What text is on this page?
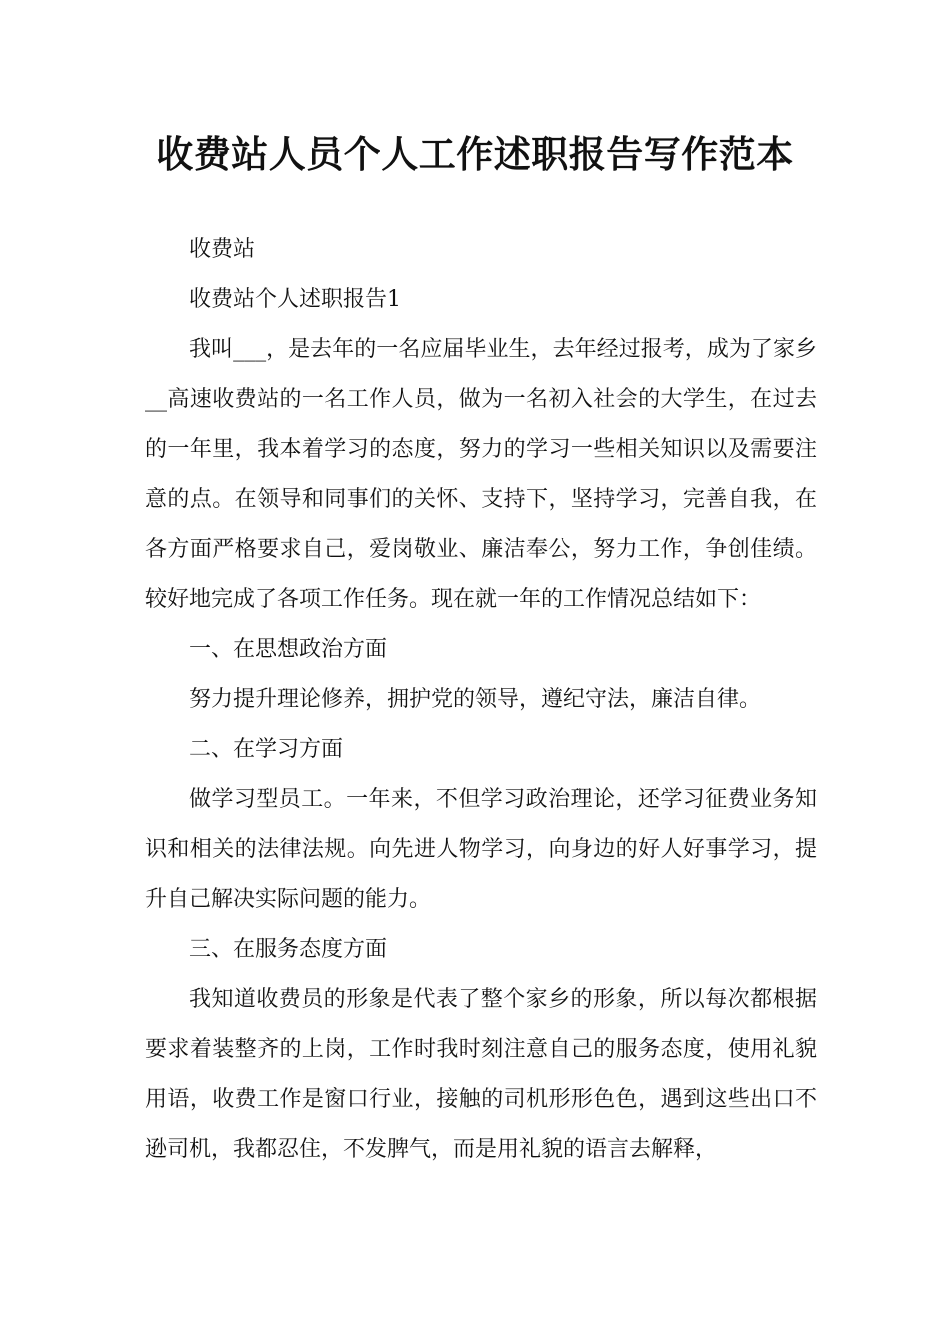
收费站人员个人工作述职报告写作范本

收费站

收费站个人述职报告1

我叫___，是去年的一名应届毕业生，去年经过报考，成为了家乡__高速收费站的一名工作人员，做为一名初入社会的大学生，在过去的一年里，我本着学习的态度，努力的学习一些相关知识以及需要注意的点。在领导和同事们的关怀、支持下，坚持学习，完善自我，在各方面严格要求自己，爱岗敬业、廉洁奉公，努力工作，争创佳绩。较好地完成了各项工作任务。现在就一年的工作情况总结如下：

一、在思想政治方面

努力提升理论修养，拥护党的领导，遵纪守法，廉洁自律。

二、在学习方面

做学习型员工。一年来，不但学习政治理论，还学习征费业务知识和相关的法律法规。向先进人物学习，向身边的好人好事学习，提升自己解决实际问题的能力。

三、在服务态度方面

我知道收费员的形象是代表了整个家乡的形象，所以每次都根据要求着装整齐的上岗，工作时我时刻注意自己的服务态度，使用礼貌用语，收费工作是窗口行业，接触的司机形形色色，遇到这些出口不逊司机，我都忍住，不发脾气，而是用礼貌的语言去解释，
